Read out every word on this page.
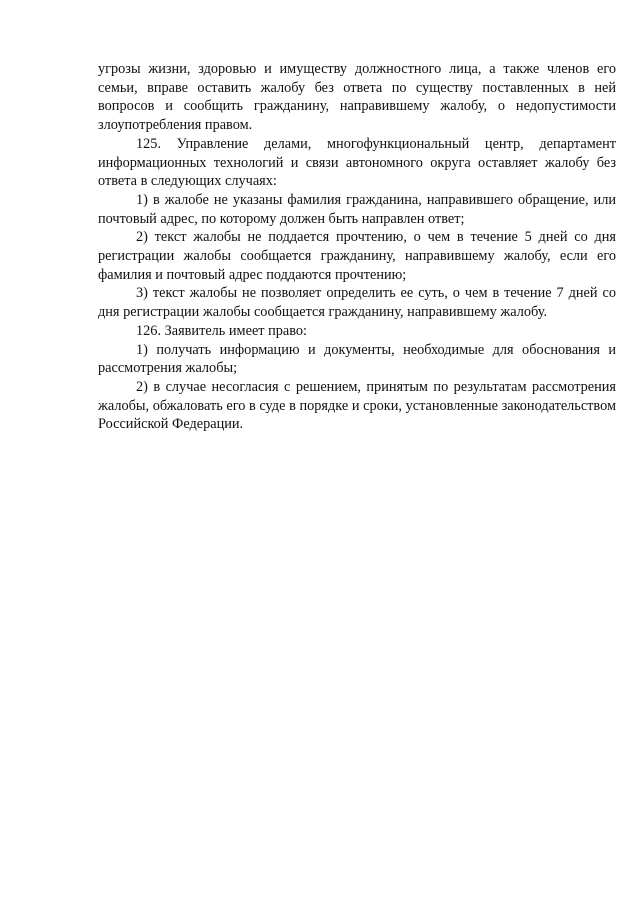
угрозы жизни, здоровью и имуществу должностного лица, а также членов его семьи, вправе оставить жалобу без ответа по существу поставленных в ней вопросов и сообщить гражданину, направившему жалобу, о недопустимости злоупотребления правом.

125. Управление делами, многофункциональный центр, департамент информационных технологий и связи автономного округа оставляет жалобу без ответа в следующих случаях:

1) в жалобе не указаны фамилия гражданина, направившего обращение, или почтовый адрес, по которому должен быть направлен ответ;

2) текст жалобы не поддается прочтению, о чем в течение 5 дней со дня регистрации жалобы сообщается гражданину, направившему жалобу, если его фамилия и почтовый адрес поддаются прочтению;

3) текст жалобы не позволяет определить ее суть, о чем в течение 7 дней со дня регистрации жалобы сообщается гражданину, направившему жалобу.

126. Заявитель имеет право:

1) получать информацию и документы, необходимые для обоснования и рассмотрения жалобы;

2) в случае несогласия с решением, принятым по результатам рассмотрения жалобы, обжаловать его в суде в порядке и сроки, установленные законодательством Российской Федерации.
